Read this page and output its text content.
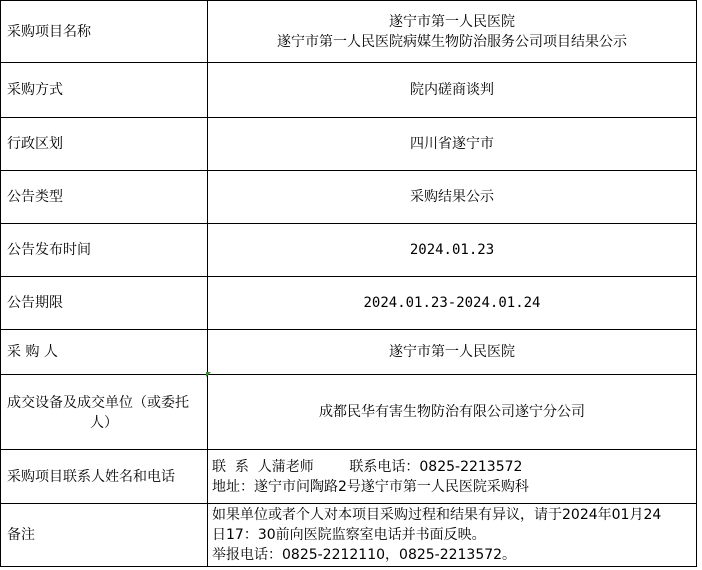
采购项目名称	遂宁市第一人民医院
遂宁市第一人民医院病媒生物防治服务公司项目结果公示

采购方式	院内磋商谈判
行政区划	四川省遂宁市
公告类型	采购结果公示
公告发布时间	2024.01.23
公告期限	2024.01.23-2024.01.24
采 购 人	遂宁市第一人民医院

成交设备及成交单位（或委托
人）	成都民华有害生物防治有限公司遂宁分公司
采购项目联系人姓名和电话	联  系  人蒲老师        联系电话：0825-2213572
地址：遂宁市问陶路2号遂宁市第一人民医院采购科

备注	如果单位或者个人对本项目采购过程和结果有异议，请于2024年01月24
日17：30前向医院监察室电话并书面反映。
举报电话：0825-2212110，0825-2213572。
